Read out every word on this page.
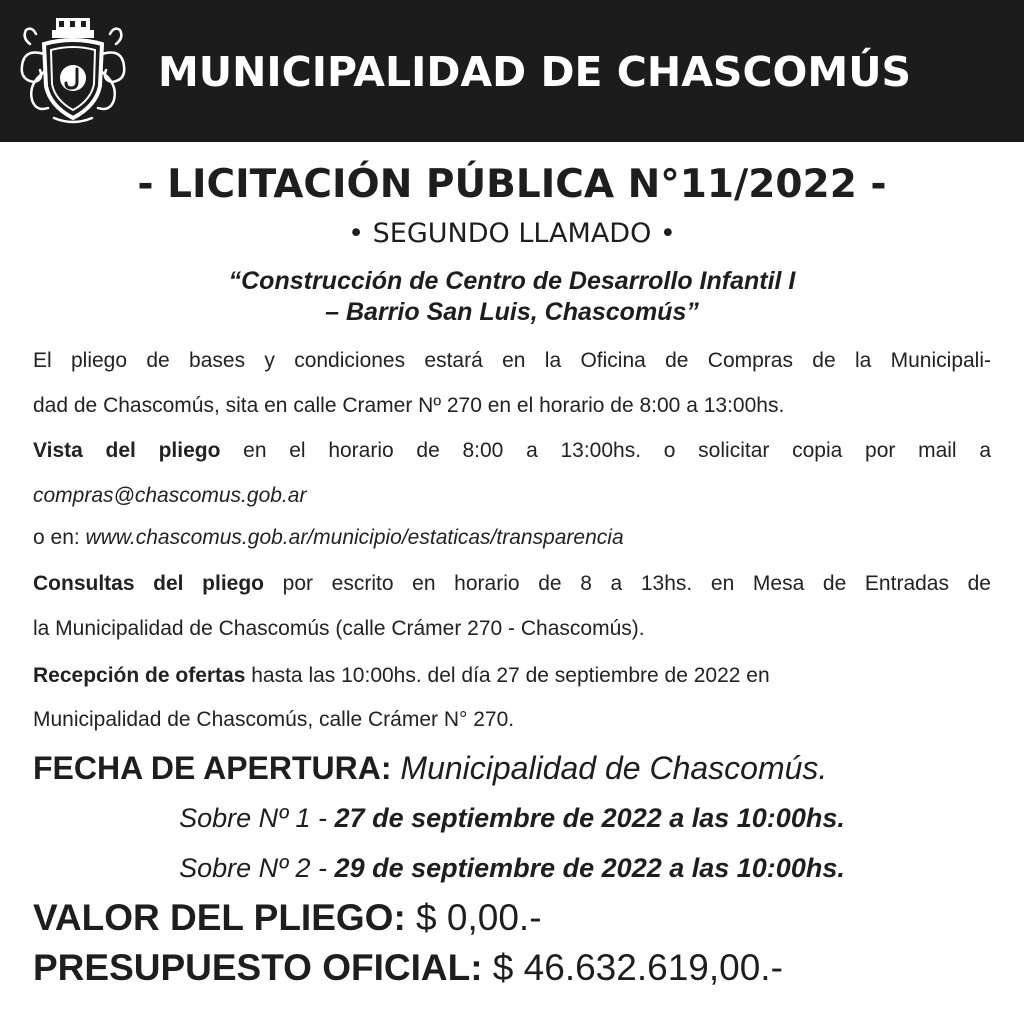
MUNICIPALIDAD DE CHASCOMÚS
- LICITACIÓN PÚBLICA N°11/2022 -
• SEGUNDO LLAMADO •
“Construcción de Centro de Desarrollo Infantil I
– Barrio San Luis, Chascomús”
El pliego de bases y condiciones estará en la Oficina de Compras de la Municipali-
dad de Chascomús, sita en calle Cramer Nº 270 en el horario de 8:00 a 13:00hs.
Vista del pliego en el horario de 8:00 a 13:00hs. o solicitar copia por mail a
compras@chascomus.gob.ar
o en: www.chascomus.gob.ar/municipio/estaticas/transparencia
Consultas del pliego por escrito en horario de 8 a 13hs. en Mesa de Entradas de
la Municipalidad de Chascomús (calle Crámer 270 - Chascomús).
Recepción de ofertas hasta las 10:00hs. del día 27 de septiembre de 2022 en
Municipalidad de Chascomús, calle Crámer N° 270.
FECHA DE APERTURA: Municipalidad de Chascomús.
Sobre Nº 1 - 27 de septiembre de 2022 a las 10:00hs.
Sobre Nº 2 - 29 de septiembre de 2022 a las 10:00hs.
VALOR DEL PLIEGO: $ 0,00.-
PRESUPUESTO OFICIAL: $ 46.632.619,00.-
